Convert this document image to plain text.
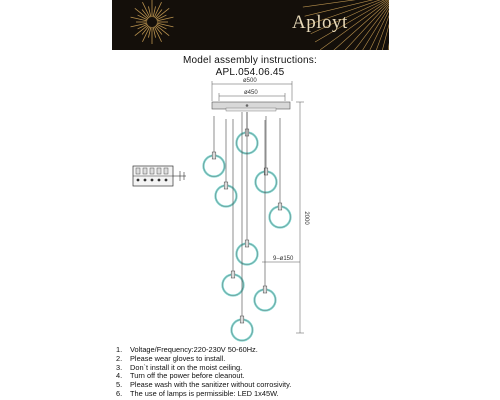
Aployt
Model assembly instructions:
APL.054.06.45
ø500
ø450
2000
9–ø150
1.	Voltage/Frequency:220-230V 50-60Hz.
2.	Please wear gloves to install.
3.	Don`t install it on the moist ceiling.
4.	Turn off the power before cleanout.
5.	Please wash with the sanitizer without corrosivity.
6.	The use of lamps is permissible: LED 1x45W.
